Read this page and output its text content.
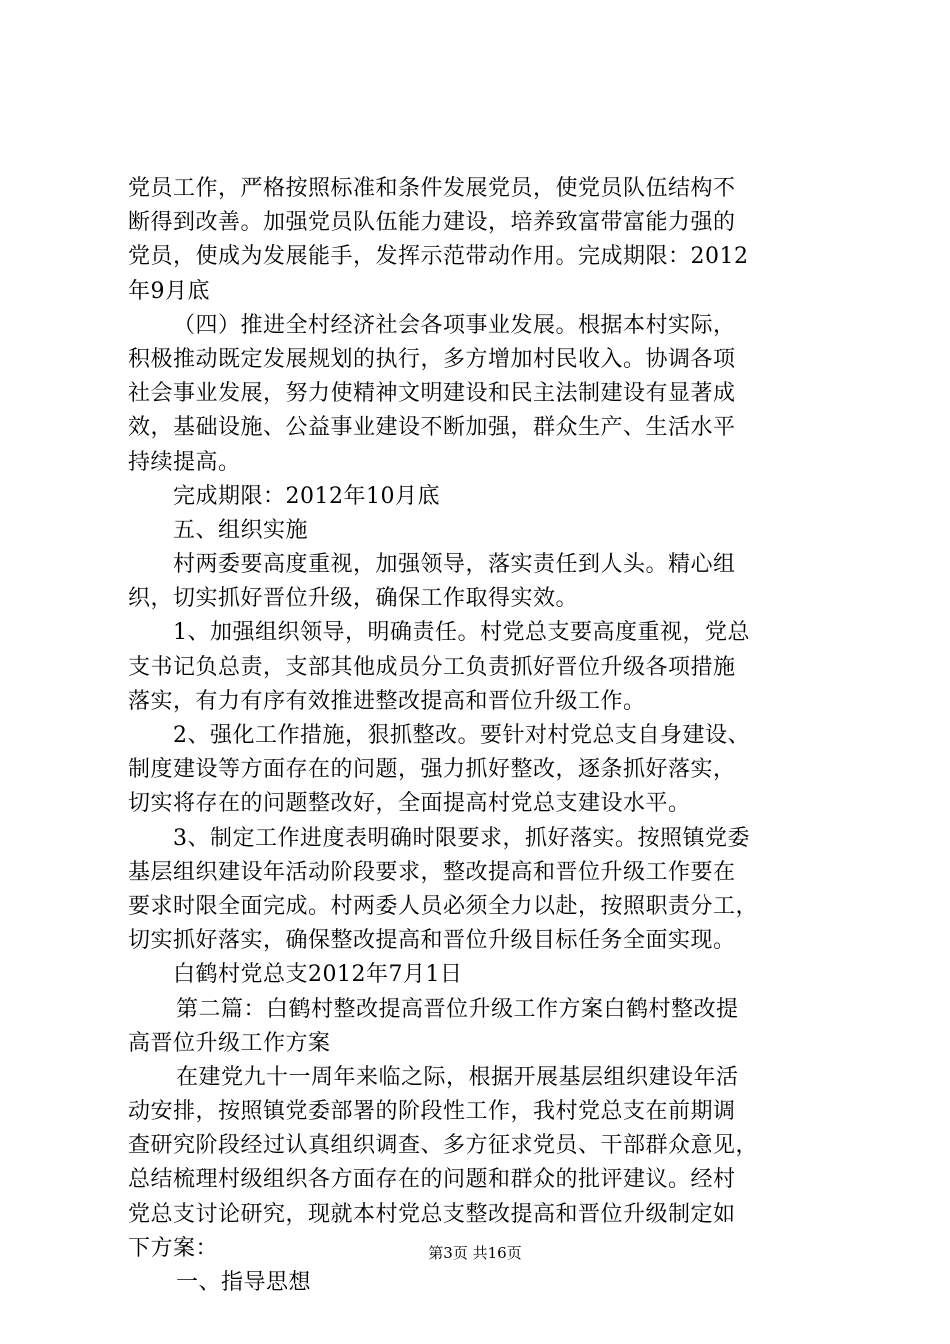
党员工作，严格按照标准和条件发展党员，使党员队伍结构不
断得到改善。加强党员队伍能力建设，培养致富带富能力强的
党员，使成为发展能手，发挥示范带动作用。完成期限：2012
年9月底
（四）推进全村经济社会各项事业发展。根据本村实际，
积极推动既定发展规划的执行，多方增加村民收入。协调各项
社会事业发展，努力使精神文明建设和民主法制建设有显著成
效，基础设施、公益事业建设不断加强，群众生产、生活水平
持续提高。
完成期限：2012年10月底
五、组织实施
村两委要高度重视，加强领导，落实责任到人头。精心组
织，切实抓好晋位升级，确保工作取得实效。
1、加强组织领导，明确责任。村党总支要高度重视，党总
支书记负总责，支部其他成员分工负责抓好晋位升级各项措施
落实，有力有序有效推进整改提高和晋位升级工作。
2、强化工作措施，狠抓整改。要针对村党总支自身建设、
制度建设等方面存在的问题，强力抓好整改，逐条抓好落实，
切实将存在的问题整改好，全面提高村党总支建设水平。
3、制定工作进度表明确时限要求，抓好落实。按照镇党委
基层组织建设年活动阶段要求，整改提高和晋位升级工作要在
要求时限全面完成。村两委人员必须全力以赴，按照职责分工，
切实抓好落实，确保整改提高和晋位升级目标任务全面实现。
白鹤村党总支2012年7月1日
第二篇：白鹤村整改提高晋位升级工作方案白鹤村整改提
高晋位升级工作方案
在建党九十一周年来临之际，根据开展基层组织建设年活
动安排，按照镇党委部署的阶段性工作，我村党总支在前期调
查研究阶段经过认真组织调查、多方征求党员、干部群众意见，
总结梳理村级组织各方面存在的问题和群众的批评建议。经村
党总支讨论研究，现就本村党总支整改提高和晋位升级制定如
下方案：
一、指导思想
第3页 共16页
